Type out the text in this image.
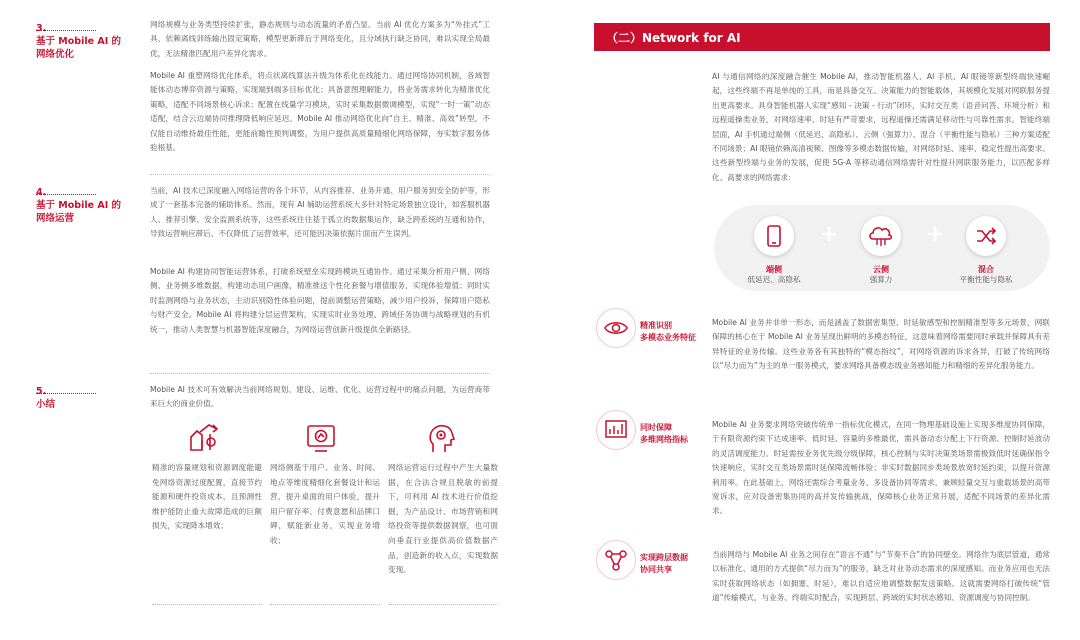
3.
基于 Mobile AI 的
网络优化
网络规模与业务类型持续扩张，静态规则与动态流量的矛盾凸显。当前 AI 优化方案多为“外挂式”工具，依赖离线训练输出固定策略，模型更新滞后于网络变化，且分域执行缺乏协同，难以实现全局最优，无法精准匹配用户差异化需求。
Mobile AI 重塑网络优化体系，将点状离线算法升级为体系化在线能力。通过网络协同机制，各域智能体动态博弈资源与策略，实现端到端多目标优化；具备意图理解能力，将业务需求转化为精准优化策略，适配不同场景核心诉求；配置在线量学习模块，实时采集数据微调模型，实现“一时一策”动态适配，结合云边端协同推理降低响应延迟。Mobile AI 推动网络优化向“自主、精准、高效”转型，不仅能自动维持最佳性能，更能前瞻性预判调整，为用户提供高质量精细化网络保障，夯实数字服务体验根基。
4.
基于 Mobile AI 的
网络运营
当前，AI 技术已深度融入网络运营的各个环节，从内容推荐、业务开通、用户服务到安全防护等，形成了一套基本完备的辅助体系。然而，现有 AI 辅助运营系统大多针对特定场景独立设计，如客服机器人、推荐引擎、安全监测系统等，这些系统往往基于孤立的数据集运作，缺乏跨系统的互通和协作，导致运营响应滞后、不仅降低了运营效率，还可能因决策依据片面而产生误判。
Mobile AI 构建协同智能运营体系，打破系统壁垒实现跨模块互通协作。通过采集分析用户侧、网络侧、业务侧多维数据，构建动态用户画像，精准推送个性化套餐与增值服务，实现体验增值；同时实时监测网络与业务状态，主动识别隐性体验问题，提前调整运营策略，减少用户投诉，保障用户隐私与财产安全。Mobile AI 将构建分层运营架构，实现实时业务处理、跨域任务协调与战略规划的有机统一，推动人类智慧与机器智能深度融合，为网络运营创新升级提供全新路径。
5.
小结
Mobile AI 技术可有效解决当前网络规划、建设、运维、优化、运营过程中的痛点问题，为运营商带来巨大的商业价值。
精准的容量规划和资源调度能避免网络资源过度配置，直接节约能源和硬件投资成本，且预测性维护能防止重大故障造成的巨额损失，实现降本增效；
网络侧基于用户、业务、时间、地点等维度精细化套餐设计和运营，提升桌面的用户体验，提升用户留存率、付费意愿和品牌口碑，赋能新业务，实现业务增收；
网络运营运行过程中产生大量数据，在合法合规且脱敏的前提下，可利用 AI 技术进行价值挖掘，为产品设计、市场营销和网络投资等提供数据洞察，也可面向垂直行业提供高价值数据产品，创造新的收入点，实现数据变现。
（二）Network for AI
AI 与通信网络的深度融合催生 Mobile AI，推动智能机器人、AI 手机、AI 眼镜等新型终端快速崛起，这些终端不再是单纯的工具，而是具备交互、决策能力的智能载体，其规模化发展对网联服务提出更高要求。具身智能机器人实现“感知 - 决策 - 行动”闭环，实时交互类（语音问答、环境分析）和远程遥操类业务，对网络速率、时延有严苛要求，远程遥操还需满足移动性与可靠性需求。智能终端层面，AI 手机通过端侧（低延迟、高隐私）、云侧（强算力）、混合（平衡性能与隐私）三种方案适配不同场景；AI 眼镜依赖高清视频、图像等多模态数据传输，对网络时延、速率、稳定性提出高要求。这些新型终端与业务的发展，促使 5G-A 等移动通信网络需针对性提升网联服务能力，以匹配多样化、高要求的网络需求：
+	+
端侧
低延迟、高隐私
云侧
强算力
混合
平衡性能与隐私
精准识别
多模态业务特征
Mobile AI 业务并非单一形态，而是涵盖了数据密集型、时延敏感型和控制精准型等多元场景，网联保障的核心在于 Mobile AI 业务呈现出鲜明的多模态特征，这意味着网络需要同时承载并保障具有差异特征的业务传输。这些业务各有其独特的“模态指纹”，对网络资源的诉求各异，打破了传统网络以“尽力而为”为主的单一服务模式，要求网络具备模态级业务感知能力和精细的差异化服务能力。
同时保障
多维网络指标
Mobile AI 业务要求网络突破传统单一指标优化模式，在同一物理基础设施上实现多维度协同保障，于有限资源约束下达成速率、低时延、容量的多维最优，需具备动态分配上下行资源、控制时延波动的灵活调度能力。时延需按业务优先级分级保障，核心控制与实时决策类场景需极致低时延确保指令快速响应，实时交互类场景需时延保障流畅体验；非实时数据同步类场景放宽时延约束，以提升资源利用率。在此基础上，网络还需综合考量业务、多设备协同等需求，兼顾轻量交互与重载场景的高带宽诉求，应对设备密集协同的高并发传输挑战，保障核心业务正常开展，适配不同场景的差异化需求。
实现跨层数据
协同共享
当前网络与 Mobile AI 业务之间存在“语言不通”与“节奏不合”的协同壁垒。网络作为底层管道，通常以标准化、通用的方式提供“尽力而为”的服务，缺乏对业务动态需求的深度感知。而业务应用也无法实时获取网络状态（如拥塞、时延），难以自适应地调整数据发送策略。这就需要网络打破传统“管道”传输模式，与业务、终端实时配合，实现跨层、跨域的实时状态感知、资源调度与协同控制。
